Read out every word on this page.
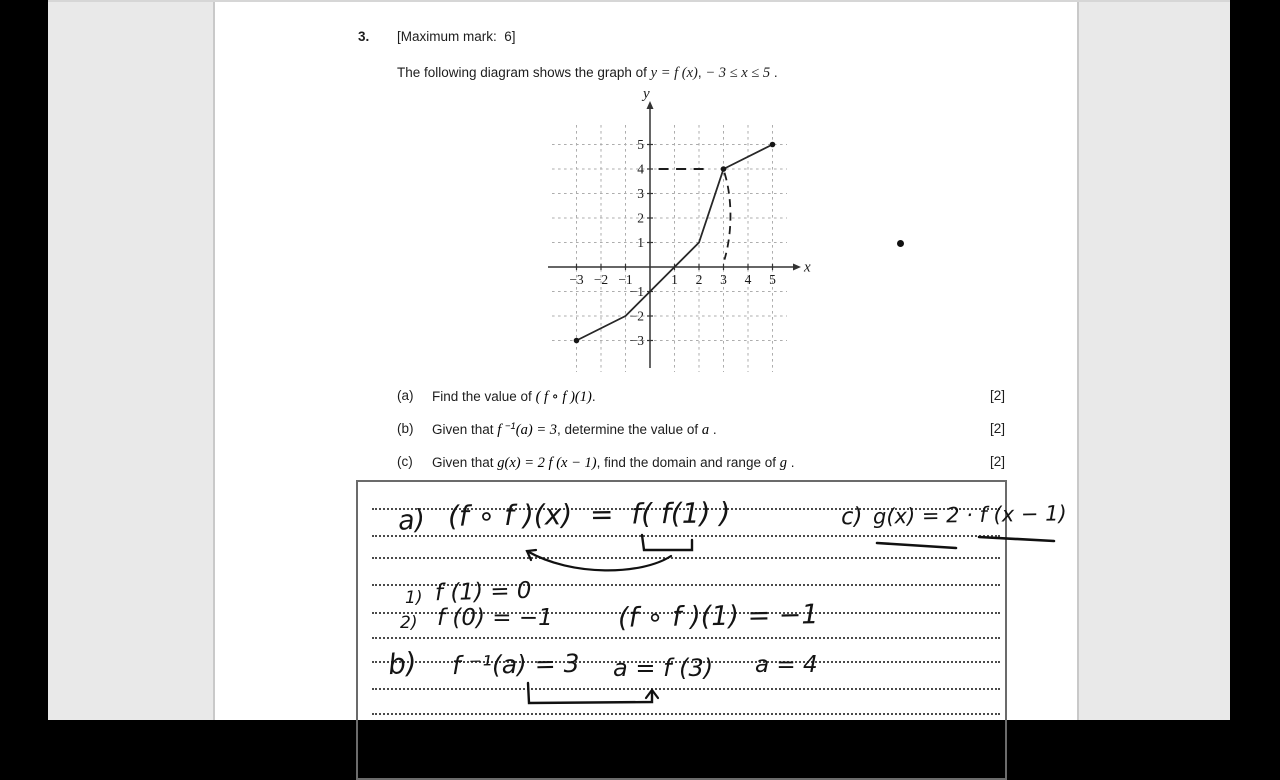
3. [Maximum mark:  6]

The following diagram shows the graph of y = f (x), − 3 ≤ x ≤ 5 .

x
y
−3 −2 −1	1 2 3 4 5
5
4
3
2
1
−1
−2
−3
(a) Find the value of ( f ∘ f )(1).	[2]
(b) Given that f $^{-1}$(a) = 3, determine the value of a .	[2]
(c) Given that g(x) = 2 f (x − 1), find the domain and range of g .	[2]
a) (f ∘ f )(x)  =  f( f(1) )	c) g(x) = 2 · f (x − 1)
1) f (1) = 0
2) f (0) = −1 (f ∘ f )(1) = −1
b) f ⁻¹(a) = 3 a = f (3) a = 4
